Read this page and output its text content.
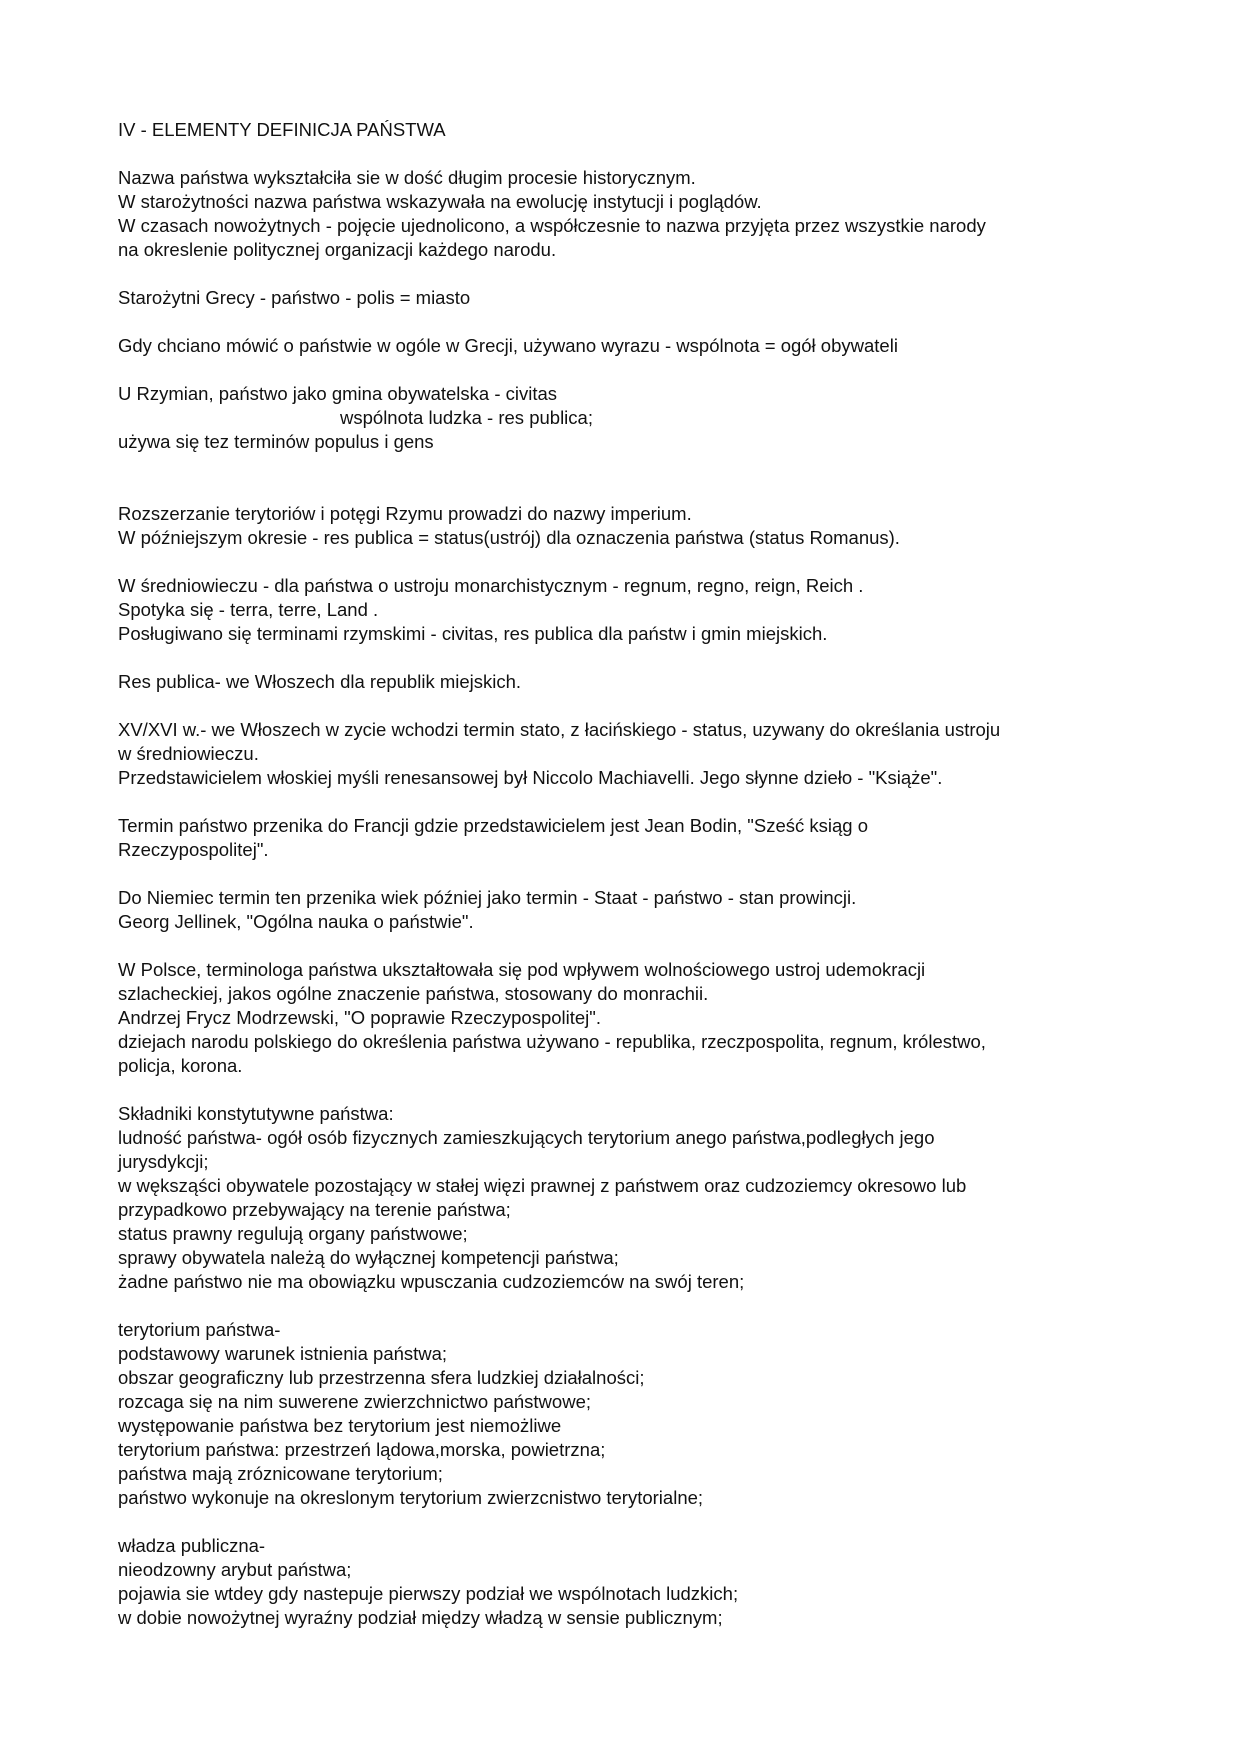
IV - ELEMENTY DEFINICJA PAŃSTWA
Nazwa państwa wykształciła sie w dość długim procesie historycznym.
W starożytności nazwa państwa wskazywała na ewolucję instytucji i poglądów.
W czasach nowożytnych - pojęcie ujednolicono, a współczesnie to nazwa przyjęta przez wszystkie narody
na okreslenie politycznej organizacji każdego narodu.
Starożytni Grecy - państwo - polis = miasto
Gdy chciano mówić o państwie w ogóle w Grecji, używano wyrazu - wspólnota = ogół obywateli
U Rzymian, państwo jako gmina obywatelska - civitas
wspólnota ludzka - res publica;
używa się tez terminów populus i gens
Rozszerzanie terytoriów i potęgi Rzymu prowadzi do nazwy imperium.
W późniejszym okresie - res publica = status(ustrój) dla oznaczenia państwa (status Romanus).
W średniowieczu - dla państwa o ustroju monarchistycznym - regnum, regno, reign, Reich .
Spotyka się - terra, terre, Land .
Posługiwano się terminami rzymskimi - civitas, res publica dla państw i gmin miejskich.
Res publica- we Włoszech dla republik miejskich.
XV/XVI w.- we Włoszech w zycie wchodzi termin stato, z łacińskiego - status, uzywany do określania ustroju
w średniowieczu.
Przedstawicielem włoskiej myśli renesansowej był Niccolo Machiavelli. Jego słynne dzieło - "Książe".
Termin państwo przenika do Francji gdzie przedstawicielem jest Jean Bodin, "Sześć ksiąg o
Rzeczypospolitej".
Do Niemiec termin ten przenika wiek później jako termin - Staat - państwo - stan prowincji.
Georg Jellinek, "Ogólna nauka o państwie".
W Polsce, terminologa państwa ukształtowała się pod wpływem wolnościowego ustroj udemokracji
szlacheckiej, jakos ogólne znaczenie państwa, stosowany do monrachii.
Andrzej Frycz Modrzewski, "O poprawie Rzeczypospolitej".
dziejach narodu polskiego do określenia państwa używano - republika, rzeczpospolita, regnum, królestwo,
policja, korona.
Składniki konstytutywne państwa:
ludność państwa- ogół osób fizycznych zamieszkujących terytorium anego państwa,podległych jego
jurysdykcji;
w wększąści obywatele pozostający w stałej więzi prawnej z państwem oraz cudzoziemcy okresowo lub
przypadkowo przebywający na terenie państwa;
status prawny regulują organy państwowe;
sprawy obywatela należą do wyłącznej kompetencji państwa;
żadne państwo nie ma obowiązku wpusczania cudzoziemców na swój teren;
terytorium państwa-
podstawowy warunek istnienia państwa;
obszar geograficzny lub przestrzenna sfera ludzkiej działalności;
rozcaga się na nim suwerene zwierzchnictwo państwowe;
występowanie państwa bez terytorium jest niemożliwe
terytorium państwa: przestrzeń lądowa,morska, powietrzna;
państwa mają zróznicowane terytorium;
państwo wykonuje na okreslonym terytorium zwierzcnistwo terytorialne;
władza publiczna-
nieodzowny arybut państwa;
pojawia sie wtdey gdy nastepuje pierwszy podział we wspólnotach ludzkich;
w dobie nowożytnej wyraźny podział między władzą w sensie publicznym;
